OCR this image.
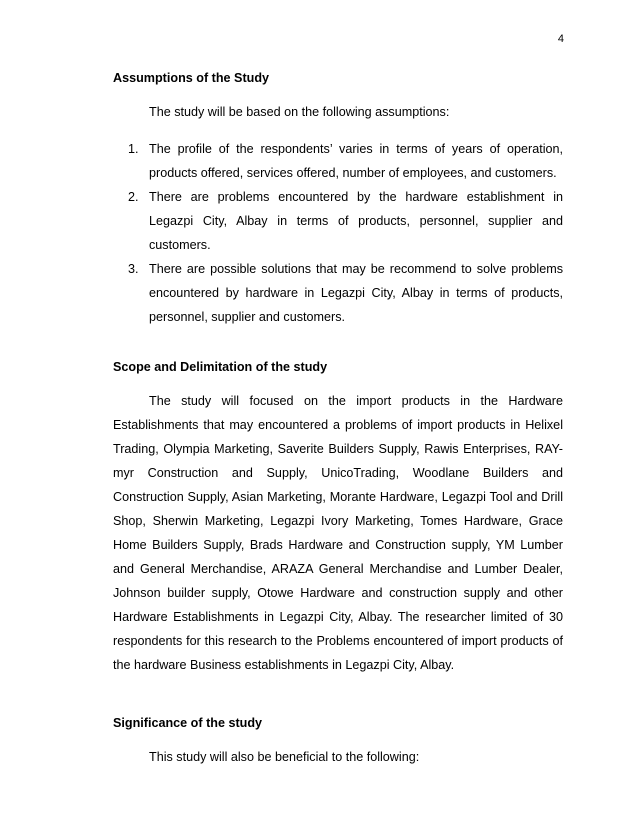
4

Assumptions of the Study

The study will be based on the following assumptions:

1. The profile of the respondents’ varies in terms of years of operation, products offered, services offered, number of employees, and customers.
2. There are problems encountered by the hardware establishment in Legazpi City, Albay in terms of products, personnel, supplier and customers.
3. There are possible solutions that may be recommend to solve problems encountered by hardware in Legazpi City, Albay in terms of products, personnel, supplier and customers.

Scope and Delimitation of the study

The study will focused on the import products in the Hardware Establishments that may encountered a problems of import products in Helixel Trading, Olympia Marketing, Saverite Builders Supply, Rawis Enterprises, RAY-myr Construction and Supply, UnicoTrading, Woodlane Builders and Construction Supply, Asian Marketing, Morante Hardware, Legazpi Tool and Drill Shop, Sherwin Marketing, Legazpi Ivory Marketing, Tomes Hardware, Grace Home Builders Supply, Brads Hardware and Construction supply, YM Lumber and General Merchandise, ARAZA General Merchandise and Lumber Dealer, Johnson builder supply, Otowe Hardware and construction supply and other Hardware Establishments in Legazpi City, Albay. The researcher limited of 30 respondents for this research to the Problems encountered of import products of the hardware Business establishments in Legazpi City, Albay.

Significance of the study

This study will also be beneficial to the following:
